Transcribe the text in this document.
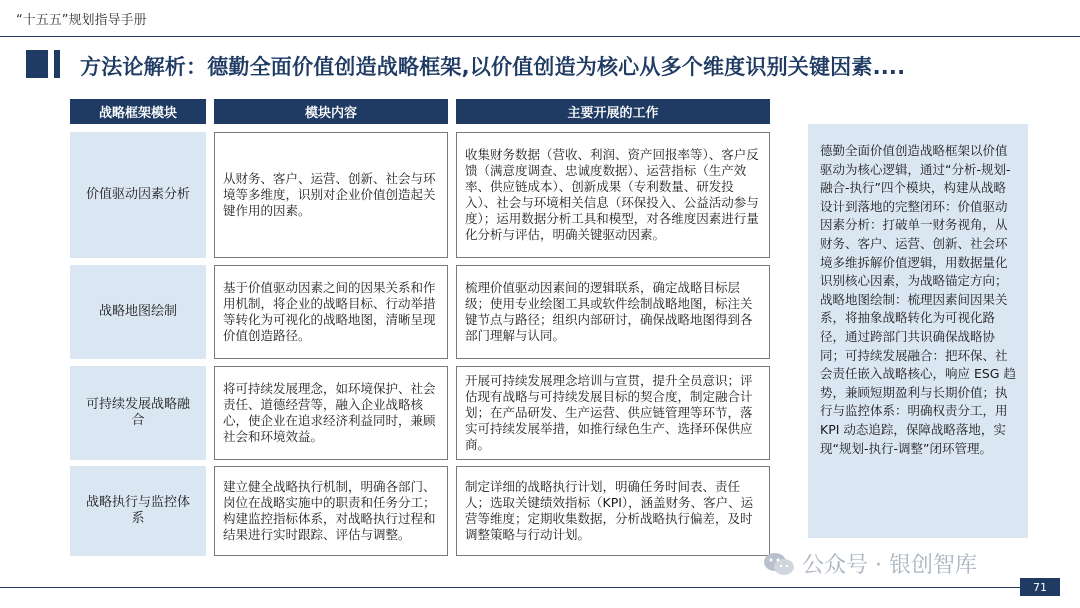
“十五五”规划指导手册
方法论解析：德勤全面价值创造战略框架,以价值创造为核心从多个维度识别关键因素....
战略框架模块	模块内容	主要开展的工作
价值驱动因素分析
从财务、客户、运营、创新、社会与环境等多维度，识别对企业价值创造起关键作用的因素。
收集财务数据（营收、利润、资产回报率等）、客户反馈（满意度调查、忠诚度数据）、运营指标（生产效率、供应链成本）、创新成果（专利数量、研发投入）、社会与环境相关信息（环保投入、公益活动参与度）；运用数据分析工具和模型，对各维度因素进行量化分析与评估，明确关键驱动因素。
战略地图绘制
基于价值驱动因素之间的因果关系和作用机制，将企业的战略目标、行动举措等转化为可视化的战略地图，清晰呈现价值创造路径。
梳理价值驱动因素间的逻辑联系，确定战略目标层级；使用专业绘图工具或软件绘制战略地图，标注关键节点与路径；组织内部研讨，确保战略地图得到各部门理解与认同。
可持续发展战略融合
将可持续发展理念，如环境保护、社会责任、道德经营等，融入企业战略核心，使企业在追求经济利益同时，兼顾社会和环境效益。
开展可持续发展理念培训与宣贯，提升全员意识；评估现有战略与可持续发展目标的契合度，制定融合计划；在产品研发、生产运营、供应链管理等环节，落实可持续发展举措，如推行绿色生产、选择环保供应商。
战略执行与监控体系
建立健全战略执行机制，明确各部门、岗位在战略实施中的职责和任务分工；构建监控指标体系，对战略执行过程和结果进行实时跟踪、评估与调整。
制定详细的战略执行计划，明确任务时间表、责任人；选取关键绩效指标（KPI），涵盖财务、客户、运营等维度；定期收集数据，分析战略执行偏差，及时调整策略与行动计划。
德勤全面价值创造战略框架以价值驱动为核心逻辑，通过“分析-规划-融合-执行”四个模块，构建从战略设计到落地的完整闭环：价值驱动因素分析：打破单一财务视角，从财务、客户、运营、创新、社会环境多维拆解价值逻辑，用数据量化识别核心因素，为战略锚定方向；战略地图绘制：梳理因素间因果关系，将抽象战略转化为可视化路径，通过跨部门共识确保战略协同；可持续发展融合：把环保、社会责任嵌入战略核心，响应 ESG 趋势，兼顾短期盈利与长期价值；执行与监控体系：明确权责分工，用 KPI 动态追踪，保障战略落地，实现“规划-执行-调整”闭环管理。
公众号 · 银创智库
71
